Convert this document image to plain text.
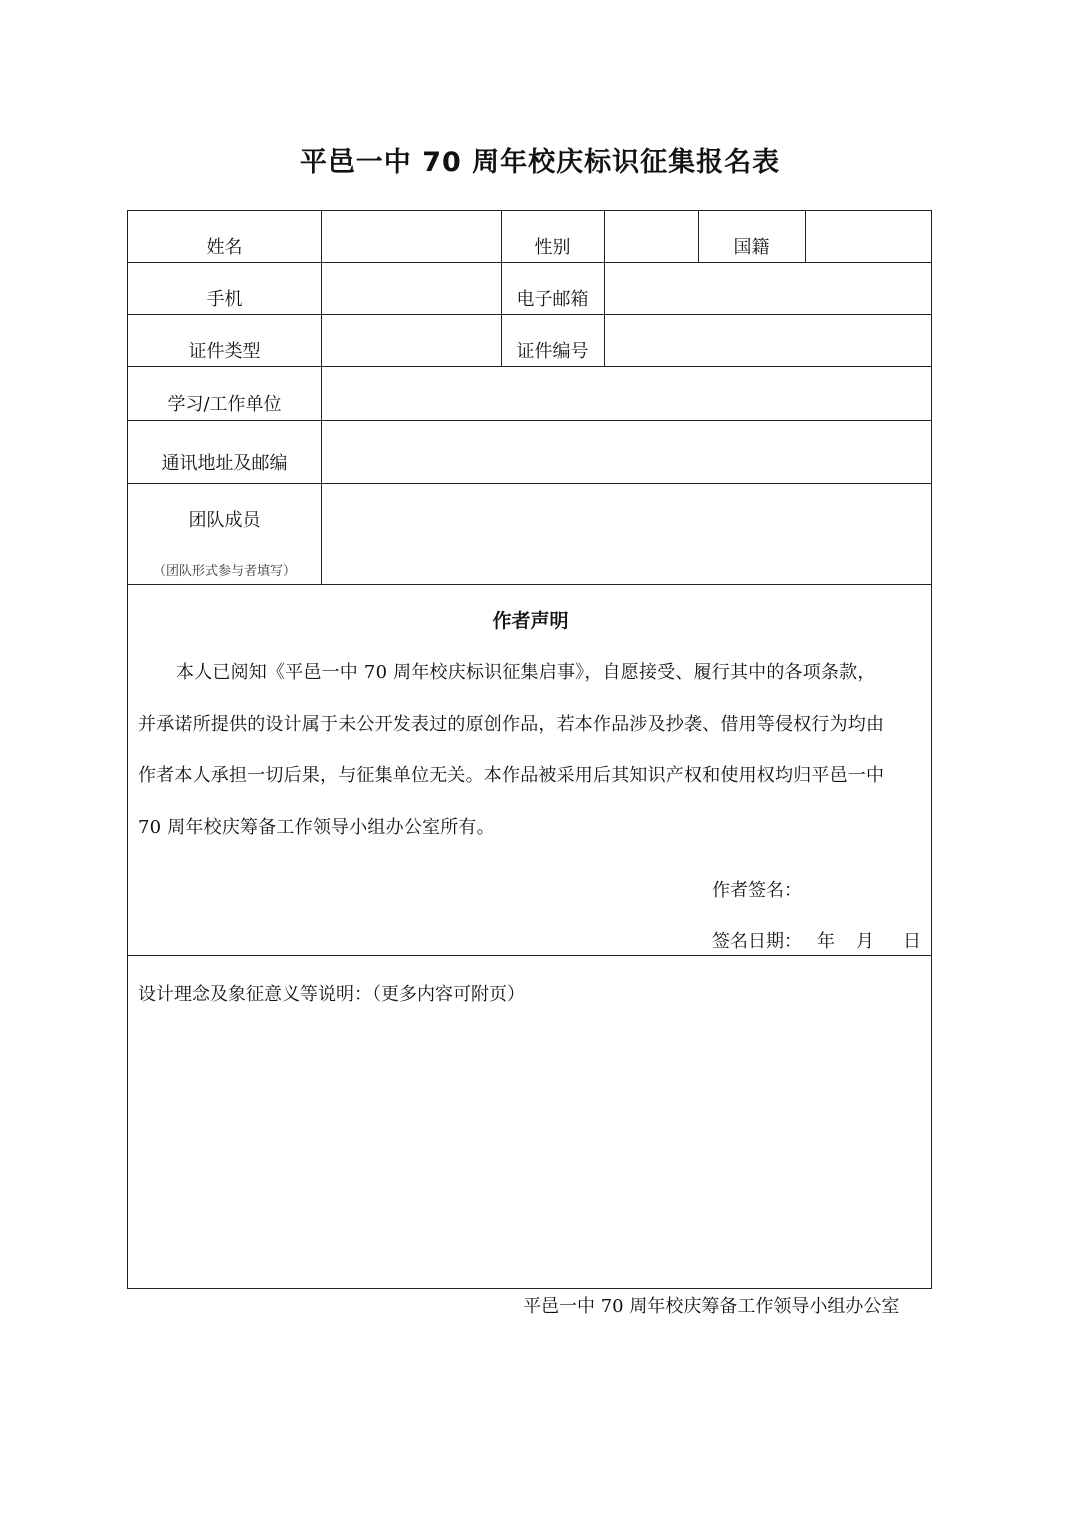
平邑一中 70 周年校庆标识征集报名表
姓名	性别	国籍
手机	电子邮箱
证件类型	证件编号
学习/工作单位
通讯地址及邮编
团队成员
（团队形式参与者填写）
作者声明
本人已阅知《平邑一中 70 周年校庆标识征集启事》，自愿接受、履行其中的各项条款，
并承诺所提供的设计属于未公开发表过的原创作品，若本作品涉及抄袭、借用等侵权行为均由
作者本人承担一切后果，与征集单位无关。本作品被采用后其知识产权和使用权均归平邑一中
70 周年校庆筹备工作领导小组办公室所有。
作者签名：
签名日期： 年 月 日
设计理念及象征意义等说明：（更多内容可附页）
平邑一中 70 周年校庆筹备工作领导小组办公室
